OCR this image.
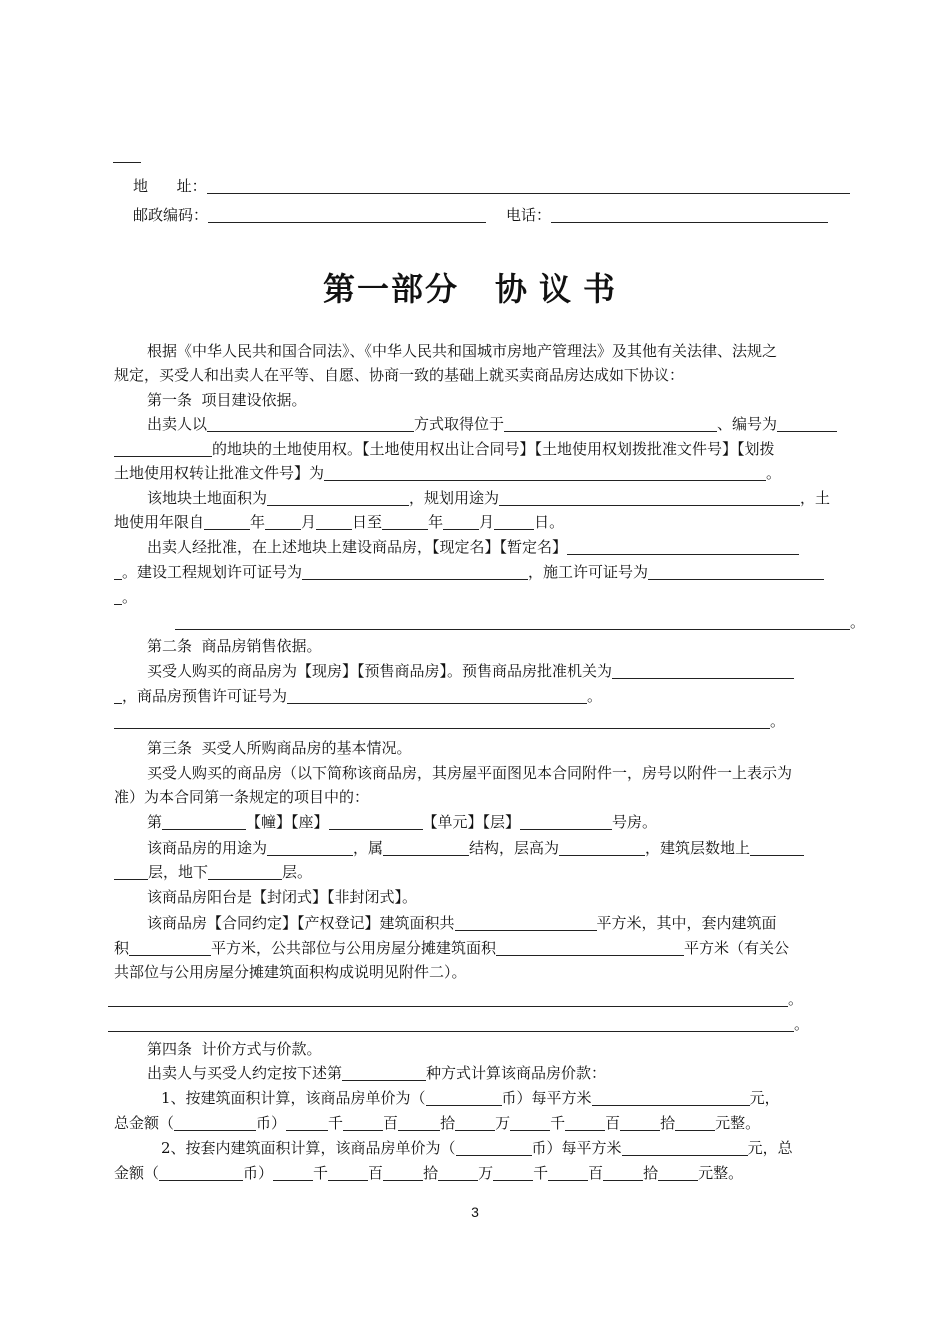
地      址：
邮政编码：	电话：
第一部分 协 议 书
根据《中华人民共和国合同法》、《中华人民共和国城市房地产管理法》及其他有关法律、法规之
规定，买受人和出卖人在平等、自愿、协商一致的基础上就买卖商品房达成如下协议：
第一条  项目建设依据。
出卖人以	方式取得位于	、编号为
的地块的土地使用权。【土地使用权出让合同号】【土地使用权划拨批准文件号】【划拨
土地使用权转让批准文件号】为	。
该地块土地面积为	，规划用途为	，土
地使用年限自	年 月 日至	年 月	日。
出卖人经批准，在上述地块上建设商品房，【现定名】【暂定名】
。建设工程规划许可证号为	，施工许可证号为
。
。
第二条  商品房销售依据。
买受人购买的商品房为【现房】【预售商品房】。预售商品房批准机关为
，商品房预售许可证号为	。
。
第三条  买受人所购商品房的基本情况。
买受人购买的商品房（以下简称该商品房，其房屋平面图见本合同附件一，房号以附件一上表示为
准）为本合同第一条规定的项目中的：
第	【幢】【座】	【单元】【层】	号房。
该商品房的用途为	，属	结构，层高为	，建筑层数地上
层，地下	层。
该商品房阳台是【封闭式】【非封闭式】。
该商品房【合同约定】【产权登记】建筑面积共	平方米，其中，套内建筑面
积	平方米，公共部位与公用房屋分摊建筑面积	平方米（有关公
共部位与公用房屋分摊建筑面积构成说明见附件二）。
。
。
第四条  计价方式与价款。
出卖人与买受人约定按下述第	种方式计算该商品房价款：
1、按建筑面积计算，该商品房单价为（	币）每平方米	元，
总金额（	币）	千	百	拾	万	千	百	拾	元整。
2、按套内建筑面积计算，该商品房单价为（	币）每平方米	元，总
金额（	币）	千	百	拾	万	千	百	拾	元整。
3
